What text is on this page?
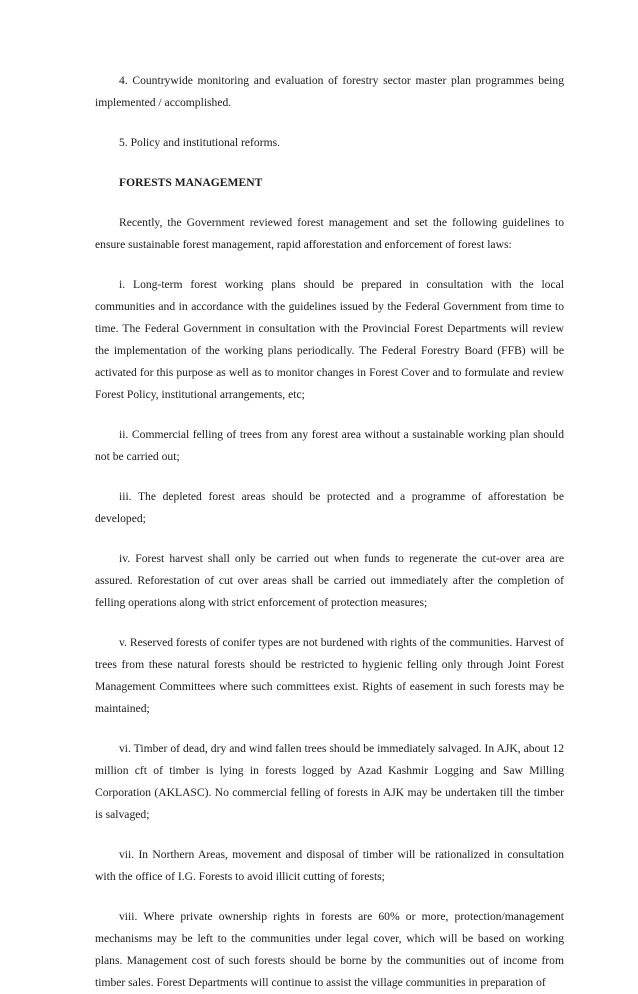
4. Countrywide monitoring and evaluation of forestry sector master plan programmes being implemented / accomplished.

5. Policy and institutional reforms.

FORESTS MANAGEMENT

Recently, the Government reviewed forest management and set the following guidelines to ensure sustainable forest management, rapid afforestation and enforcement of forest laws:

i. Long-term forest working plans should be prepared in consultation with the local communities and in accordance with the guidelines issued by the Federal Government from time to time. The Federal Government in consultation with the Provincial Forest Departments will review the implementation of the working plans periodically. The Federal Forestry Board (FFB) will be activated for this purpose as well as to monitor changes in Forest Cover and to formulate and review Forest Policy, institutional arrangements, etc;

ii. Commercial felling of trees from any forest area without a sustainable working plan should not be carried out;

iii. The depleted forest areas should be protected and a programme of afforestation be developed;

iv. Forest harvest shall only be carried out when funds to regenerate the cut-over area are assured. Reforestation of cut over areas shall be carried out immediately after the completion of felling operations along with strict enforcement of protection measures;

v. Reserved forests of conifer types are not burdened with rights of the communities. Harvest of trees from these natural forests should be restricted to hygienic felling only through Joint Forest Management Committees where such committees exist. Rights of easement in such forests may be maintained;

vi. Timber of dead, dry and wind fallen trees should be immediately salvaged. In AJK, about 12 million cft of timber is lying in forests logged by Azad Kashmir Logging and Saw Milling Corporation (AKLASC). No commercial felling of forests in AJK may be undertaken till the timber is salvaged;

vii. In Northern Areas, movement and disposal of timber will be rationalized in consultation with the office of I.G. Forests to avoid illicit cutting of forests;

viii. Where private ownership rights in forests are 60% or more, protection/management mechanisms may be left to the communities under legal cover, which will be based on working plans. Management cost of such forests should be borne by the communities out of income from timber sales. Forest Departments will continue to assist the village communities in preparation of
